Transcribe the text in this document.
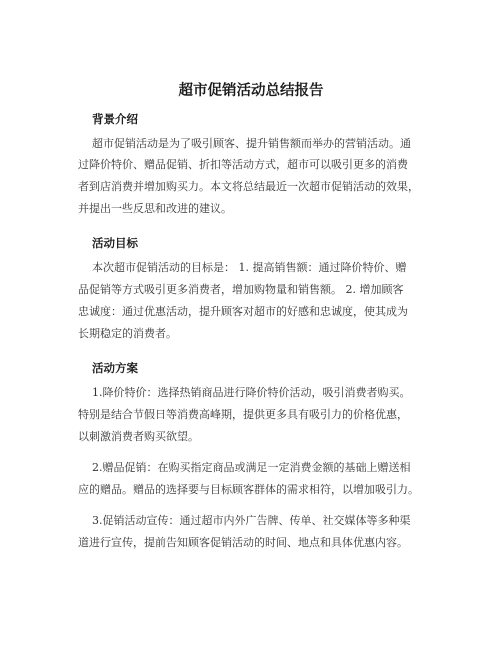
超市促销活动总结报告
背景介绍
超市促销活动是为了吸引顾客、提升销售额而举办的营销活动。通
过降价特价、赠品促销、折扣等活动方式，超市可以吸引更多的消费
者到店消费并增加购买力。本文将总结最近一次超市促销活动的效果，
并提出一些反思和改进的建议。
活动目标
本次超市促销活动的目标是： 1. 提高销售额：通过降价特价、赠
品促销等方式吸引更多消费者，增加购物量和销售额。 2. 增加顾客
忠诚度：通过优惠活动，提升顾客对超市的好感和忠诚度，使其成为
长期稳定的消费者。
活动方案
1.降价特价：选择热销商品进行降价特价活动，吸引消费者购买。
特别是结合节假日等消费高峰期，提供更多具有吸引力的价格优惠，
以刺激消费者购买欲望。
2.赠品促销：在购买指定商品或满足一定消费金额的基础上赠送相
应的赠品。赠品的选择要与目标顾客群体的需求相符，以增加吸引力。
3.促销活动宣传：通过超市内外广告牌、传单、社交媒体等多种渠
道进行宣传，提前告知顾客促销活动的时间、地点和具体优惠内容。
